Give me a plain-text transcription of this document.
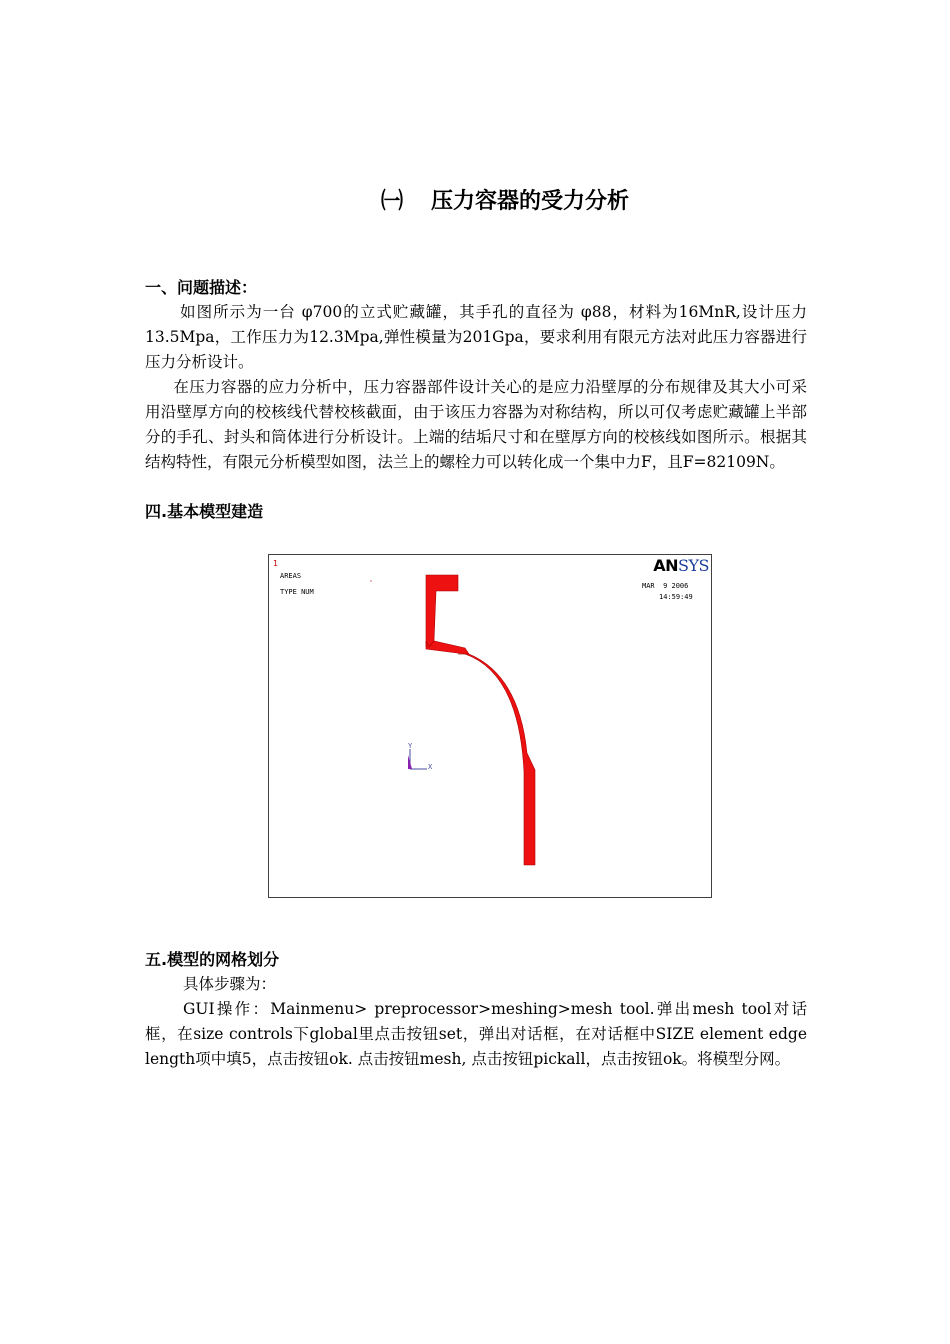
㈠ 压力容器的受力分析
一、问题描述：

如图所示为一台 φ700的立式贮藏罐，其手孔的直径为 φ88，材料为16MnR,设计压力13.5Mpa，工作压力为12.3Mpa,弹性模量为201Gpa，要求利用有限元方法对此压力容器进行压力分析设计。

在压力容器的应力分析中，压力容器部件设计关心的是应力沿壁厚的分布规律及其大小可采用沿壁厚方向的校核线代替校核截面，由于该压力容器为对称结构，所以可仅考虑贮藏罐上半部分的手孔、封头和筒体进行分析设计。上端的结垢尺寸和在壁厚方向的校核线如图所示。根据其结构特性，有限元分析模型如图，法兰上的螺栓力可以转化成一个集中力F，且F=82109N。

四.基本模型建造
1
AREAS
TYPE NUM
ANSYS
MAR  9 2006
14:59:49
Y
X
五.模型的网格划分

具体步骤为：

GUI操作：Mainmenu> preprocessor>meshing>mesh tool.弹出mesh tool对话框，在size controls下global里点击按钮set，弹出对话框，在对话框中SIZE element edge length项中填5，点击按钮ok. 点击按钮mesh, 点击按钮pickall，点击按钮ok。将模型分网。
